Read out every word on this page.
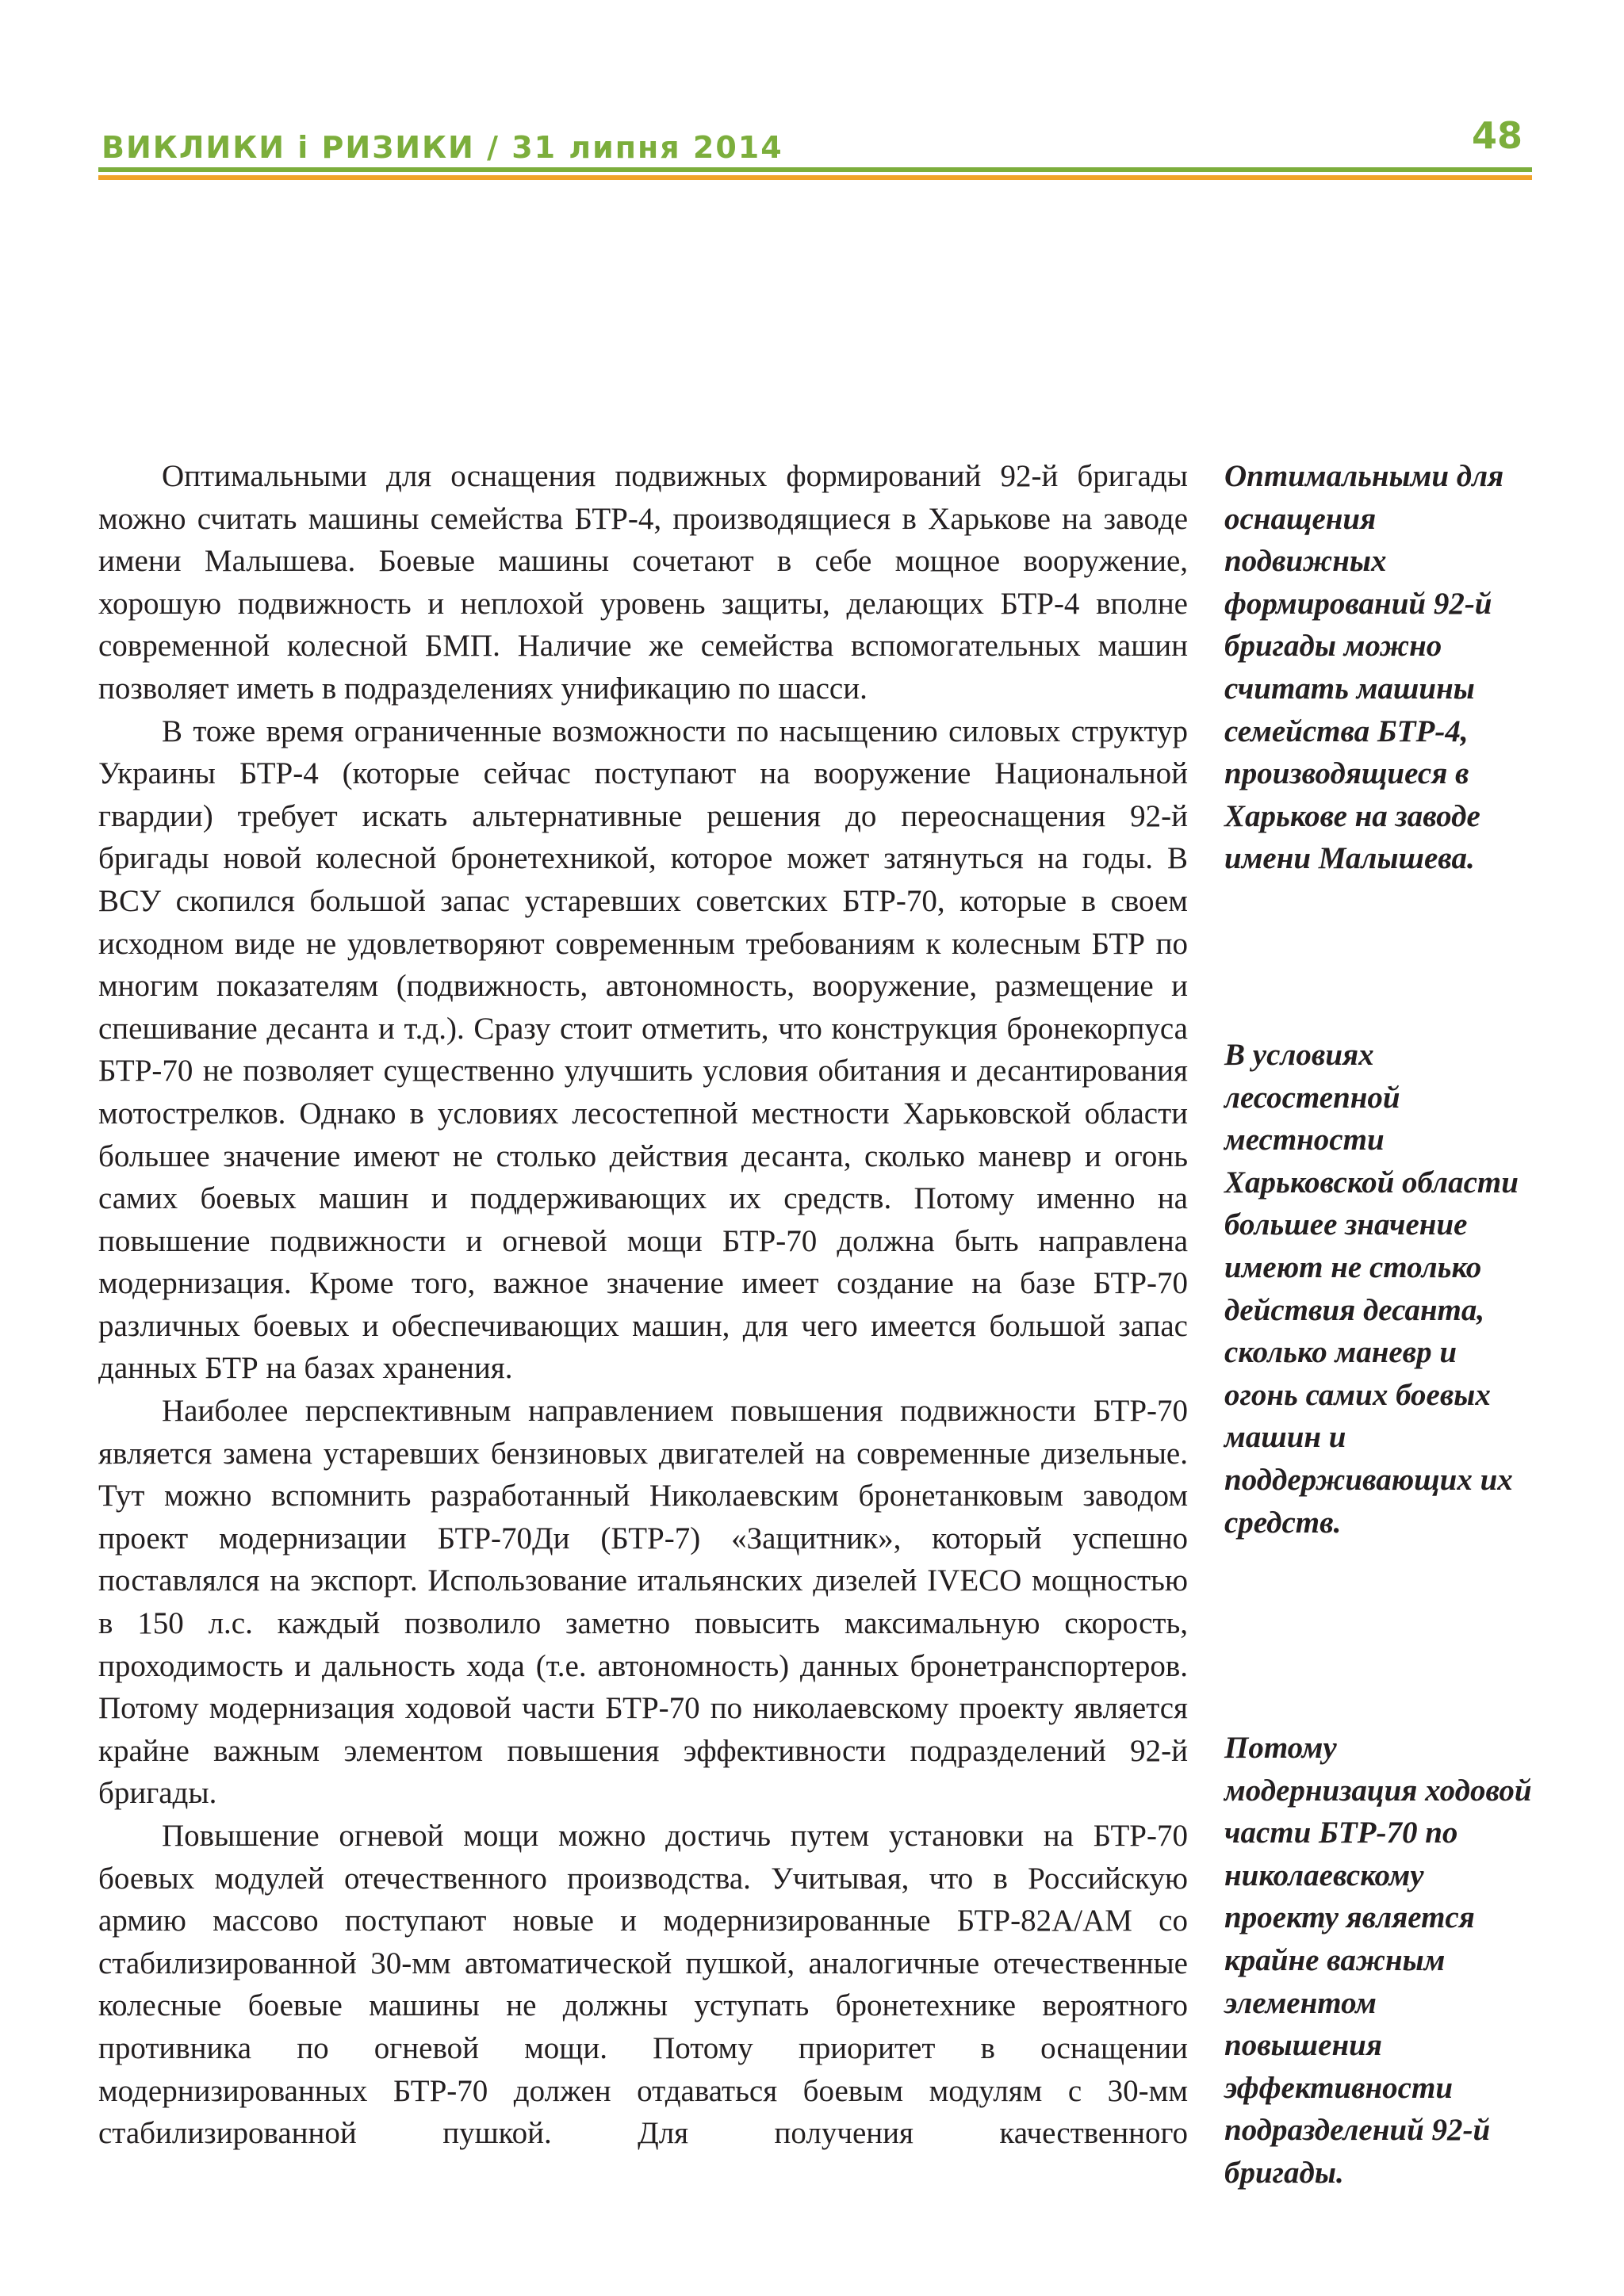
ВИКЛИКИ і РИЗИКИ / 31 липня 2014	48

Оптимальными для оснащения подвижных формирований 92-й бригады можно считать машины семейства БТР-4, производящиеся в Харькове на заводе имени Малышева. Боевые машины сочетают в себе мощное вооружение, хорошую подвижность и неплохой уровень защиты, делающих БТР-4 вполне современной колесной БМП. Наличие же семейства вспомогательных машин позволяет иметь в подразделениях унификацию по шасси.

В тоже время ограниченные возможности по насыщению силовых структур Украины БТР-4 (которые сейчас поступают на вооружение Национальной гвардии) требует искать альтернативные решения до переоснащения 92-й бригады новой колесной бронетехникой, которое может затянуться на годы. В ВСУ скопился большой запас устаревших советских БТР-70, которые в своем исходном виде не удовлетворяют современным требованиям к колесным БТР по многим показателям (подвижность, автономность, вооружение, размещение и спешивание десанта и т.д.). Сразу стоит отметить, что конструкция бронекорпуса БТР-70 не позволяет существенно улучшить условия обитания и десантирования мотострелков. Однако в условиях лесостепной местности Харьковской области большее значение имеют не столько действия десанта, сколько маневр и огонь самих боевых машин и поддерживающих их средств. Потому именно на повышение подвижности и огневой мощи БТР-70 должна быть направлена модернизация. Кроме того, важное значение имеет создание на базе БТР-70 различных боевых и обеспечивающих машин, для чего имеется большой запас данных БТР на базах хранения.

Наиболее перспективным направлением повышения подвижности БТР-70 является замена устаревших бензиновых двигателей на современные дизельные. Тут можно вспомнить разработанный Николаевским бронетанковым заводом проект модернизации БТР-70Ди (БТР-7) «Защитник», который успешно поставлялся на экспорт. Использование итальянских дизелей IVECO мощностью в 150 л.с. каждый позволило заметно повысить максимальную скорость, проходимость и дальность хода (т.е. автономность) данных бронетранспортеров. Потому модернизация ходовой части БТР-70 по николаевскому проекту является крайне важным элементом повышения эффективности подразделений 92-й бригады.

Повышение огневой мощи можно достичь путем установки на БТР-70 боевых модулей отечественного производства. Учитывая, что в Российскую армию массово поступают новые и модернизированные БТР-82А/АМ со стабилизированной 30-мм автоматической пушкой, аналогичные отечественные колесные боевые машины не должны уступать бронетехнике вероятного противника по огневой мощи. Потому приоритет в оснащении модернизированных БТР-70 должен отдаваться боевым модулям с 30-мм стабилизированной пушкой. Для получения качественного

Оптимальными для оснащения подвижных формирований 92-й бригады можно считать машины семейства БТР-4, производящиеся в Харькове на заводе имени Малышева.

В условиях лесостепной местности Харьковской области большее значение имеют не столько действия десанта, сколько маневр и огонь самих боевых машин и поддерживающих их средств.

Потому модернизация ходовой части БТР-70 по николаевскому проекту является крайне важным элементом повышения эффективности подразделений 92-й бригады.
